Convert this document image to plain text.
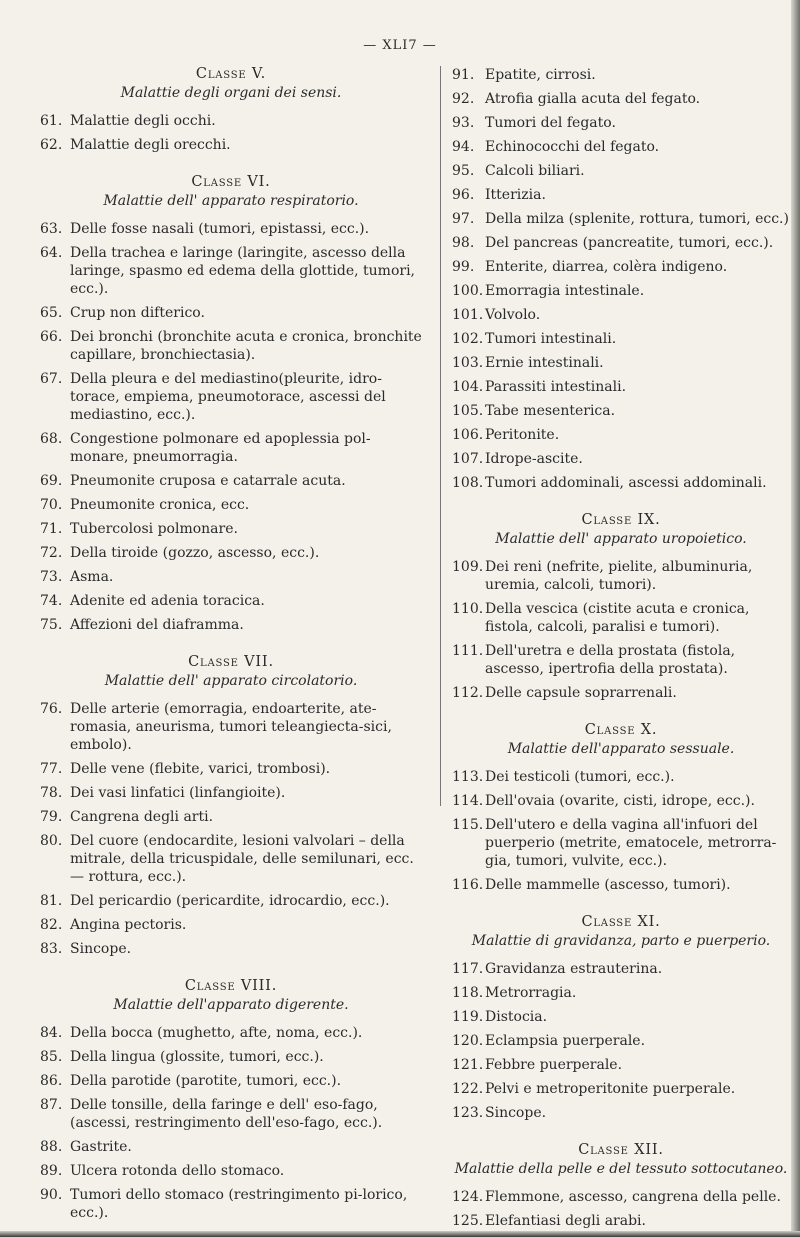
— XLI7 —
Classe V.
Malattie degli organi dei sensi.
61. Malattie degli occhi.
62. Malattie degli orecchi.
Classe VI.
Malattie dell' apparato respiratorio.
63. Delle fosse nasali (tumori, epistassi, ecc.).
64. Della trachea e laringe (laringite, ascesso della laringe, spasmo ed edema della glottide, tumori, ecc.).
65. Crup non difterico.
66. Dei bronchi (bronchite acuta e cronica, bronchite capillare, bronchiectasia).
67. Della pleura e del mediastino(pleurite, idro-torace, empiema, pneumotorace, ascessi del mediastino, ecc.).
68. Congestione polmonare ed apoplessia pol-monare, pneumorragia.
69. Pneumonite cruposa e catarrale acuta.
70. Pneumonite cronica, ecc.
71. Tubercolosi polmonare.
72. Della tiroide (gozzo, ascesso, ecc.).
73. Asma.
74. Adenite ed adenia toracica.
75. Affezioni del diaframma.
Classe VII.
Malattie dell' apparato circolatorio.
76. Delle arterie (emorragia, endoarterite, ate-romasia, aneurisma, tumori teleangiecta-sici, embolo).
77. Delle vene (flebite, varici, trombosi).
78. Dei vasi linfatici (linfangioite).
79. Cangrena degli arti.
80. Del cuore (endocardite, lesioni valvolari – della mitrale, della tricuspidale, delle semilunari, ecc. — rottura, ecc.).
81. Del pericardio (pericardite, idrocardio, ecc.).
82. Angina pectoris.
83. Sincope.
Classe VIII.
Malattie dell'apparato digerente.
84. Della bocca (mughetto, afte, noma, ecc.).
85. Della lingua (glossite, tumori, ecc.).
86. Della parotide (parotite, tumori, ecc.).
87. Delle tonsille, della faringe e dell' eso-fago, (ascessi, restringimento dell'eso-fago, ecc.).
88. Gastrite.
89. Ulcera rotonda dello stomaco.
90. Tumori dello stomaco (restringimento pi-lorico, ecc.).
91. Epatite, cirrosi.
92. Atrofia gialla acuta del fegato.
93. Tumori del fegato.
94. Echinococchi del fegato.
95. Calcoli biliari.
96. Itterizia.
97. Della milza (splenite, rottura, tumori, ecc.)
98. Del pancreas (pancreatite, tumori, ecc.).
99. Enterite, diarrea, colèra indigeno.
100. Emorragia intestinale.
101. Volvolo.
102. Tumori intestinali.
103. Ernie intestinali.
104. Parassiti intestinali.
105. Tabe mesenterica.
106. Peritonite.
107. Idrope-ascite.
108. Tumori addominali, ascessi addominali.
Classe IX.
Malattie dell' apparato uropoietico.
109. Dei reni (nefrite, pielite, albuminuria, uremia, calcoli, tumori).
110. Della vescica (cistite acuta e cronica, fistola, calcoli, paralisi e tumori).
111. Dell'uretra e della prostata (fistola, ascesso, ipertrofia della prostata).
112. Delle capsule soprarrenali.
Classe X.
Malattie dell'apparato sessuale.
113. Dei testicoli (tumori, ecc.).
114. Dell'ovaia (ovarite, cisti, idrope, ecc.).
115. Dell'utero e della vagina all'infuori del puerperio (metrite, ematocele, metrorra-gia, tumori, vulvite, ecc.).
116. Delle mammelle (ascesso, tumori).
Classe XI.
Malattie di gravidanza, parto e puerperio.
117. Gravidanza estrauterina.
118. Metrorragia.
119. Distocia.
120. Eclampsia puerperale.
121. Febbre puerperale.
122. Pelvi e metroperitonite puerperale.
123. Sincope.
Classe XII.
Malattie della pelle e del tessuto sottocutaneo.
124. Flemmone, ascesso, cangrena della pelle.
125. Elefantiasi degli arabi.
